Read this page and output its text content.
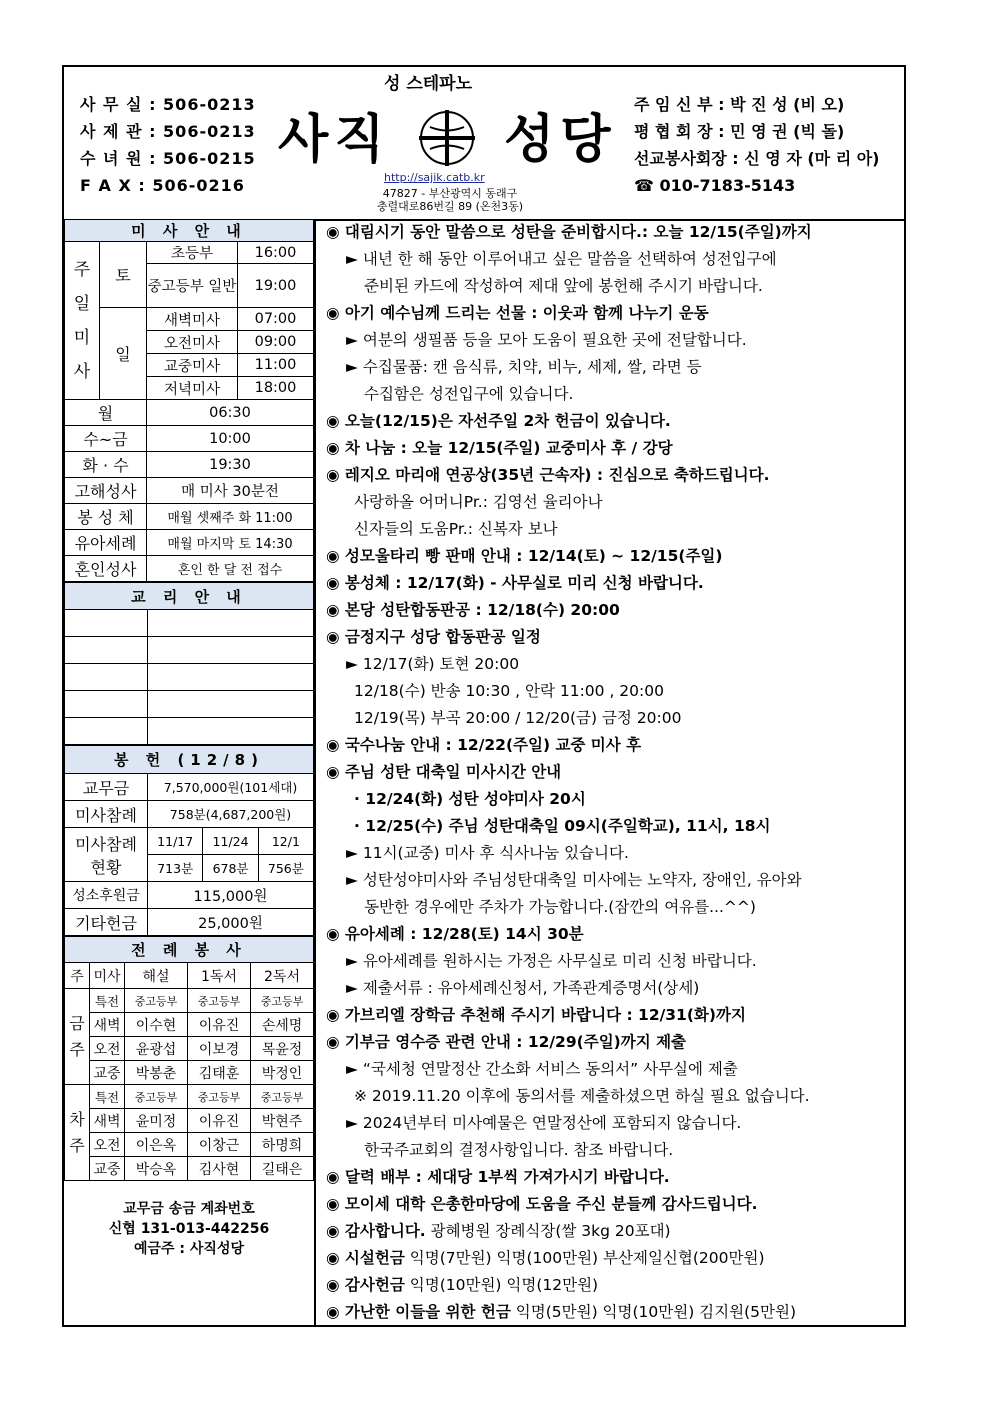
사 무 실 : 506-0213
사 제 관 : 506-0213
수 녀 원 : 506-0215
F A X : 506-0216
성 스테파노
사직 성당
http://sajik.catb.kr
47827 - 부산광역시 동래구
충렬대로86번길 89 (온천3동)
주 임 신 부 : 박 진 성 (비 오)
평 협 회 장 : 민 영 권 (빅 돌)
선교봉사회장 : 신 영 자 (마 리 아)
☎ 010-7183-5143
미 사 안 내			
주 일 미 사	토	초등부	16:00
		중고등부 일반	19:00
	일	새벽미사	07:00
		오전미사	09:00
		교중미사	11:00
		저녁미사	18:00
월		06:30	
수~금		10:00	
화 · 수		19:30	
고해성사		매 미사 30분전	
봉 성 체		매월 셋째주 화 11:00	
유아세례		매월 마지막 토 14:30	
혼인성사		혼인 한 달 전 접수	
교 리 안 내	

봉 헌 (12/8)			
교무금	7,570,000원(101세대)		
미사참례	758분(4,687,200원)		
미사참례 현황	11/17	11/24	12/1
	713분	678분	756분
성소후원금	115,000원		
기타헌금	25,000원		
전 례 봉 사				
주	미사	해설	1독서	2독서
금 주	특전	중고등부	중고등부	중고등부
	새벽	이수현	이유진	손세명
	오전	윤광섭	이보경	목윤정
	교중	박봉춘	김태훈	박정인
차 주	특전	중고등부	중고등부	중고등부
	새벽	윤미정	이유진	박현주
	오전	이은옥	이창근	하명희
	교중	박승옥	김사현	길태은
교무금 송금 계좌번호
신협 131-013-442256
예금주 : 사직성당
◉ 대림시기 동안 말씀으로 성탄을 준비합시다.: 오늘 12/15(주일)까지
► 내년 한 해 동안 이루어내고 싶은 말씀을 선택하여 성전입구에
준비된 카드에 작성하여 제대 앞에 봉헌해 주시기 바랍니다.
◉ 아기 예수님께 드리는 선물 : 이웃과 함께 나누기 운동
► 여분의 생필품 등을 모아 도움이 필요한 곳에 전달합니다.
► 수집물품: 캔 음식류, 치약, 비누, 세제, 쌀, 라면 등
수집함은 성전입구에 있습니다.
◉ 오늘(12/15)은 자선주일 2차 헌금이 있습니다.
◉ 차 나눔 : 오늘 12/15(주일) 교중미사 후 / 강당
◉ 레지오 마리애 연공상(35년 근속자) : 진심으로 축하드립니다.
사랑하올 어머니Pr.: 김영선 율리아나
신자들의 도움Pr.: 신복자 보나
◉ 성모울타리 빵 판매 안내 : 12/14(토) ~ 12/15(주일)
◉ 봉성체 : 12/17(화) - 사무실로 미리 신청 바랍니다.
◉ 본당 성탄합동판공 : 12/18(수) 20:00
◉ 금정지구 성당 합동판공 일정
► 12/17(화) 토현 20:00
12/18(수) 반송 10:30 , 안락 11:00 , 20:00
12/19(목) 부곡 20:00 / 12/20(금) 금정 20:00
◉ 국수나눔 안내 : 12/22(주일) 교중 미사 후
◉ 주님 성탄 대축일 미사시간 안내
· 12/24(화) 성탄 성야미사 20시
· 12/25(수) 주님 성탄대축일 09시(주일학교), 11시, 18시
► 11시(교중) 미사 후 식사나눔 있습니다.
► 성탄성야미사와 주님성탄대축일 미사에는 노약자, 장애인, 유아와
동반한 경우에만 주차가 가능합니다.(잠깐의 여유를...^^)
◉ 유아세례 : 12/28(토) 14시 30분
► 유아세례를 원하시는 가정은 사무실로 미리 신청 바랍니다.
► 제출서류 : 유아세례신청서, 가족관계증명서(상세)
◉ 가브리엘 장학금 추천해 주시기 바랍니다 : 12/31(화)까지
◉ 기부금 영수증 관련 안내 : 12/29(주일)까지 제출
► “국세청 연말정산 간소화 서비스 동의서” 사무실에 제출
※ 2019.11.20 이후에 동의서를 제출하셨으면 하실 필요 없습니다.
► 2024년부터 미사예물은 연말정산에 포함되지 않습니다.
한국주교회의 결정사항입니다. 참조 바랍니다.
◉ 달력 배부 : 세대당 1부씩 가져가시기 바랍니다.
◉ 모이세 대학 은총한마당에 도움을 주신 분들께 감사드립니다.
◉ 감사합니다. 광혜병원 장례식장(쌀 3kg 20포대)
◉ 시설헌금 익명(7만원) 익명(100만원) 부산제일신협(200만원)
◉ 감사헌금 익명(10만원) 익명(12만원)
◉ 가난한 이들을 위한 헌금 익명(5만원) 익명(10만원) 김지원(5만원)
